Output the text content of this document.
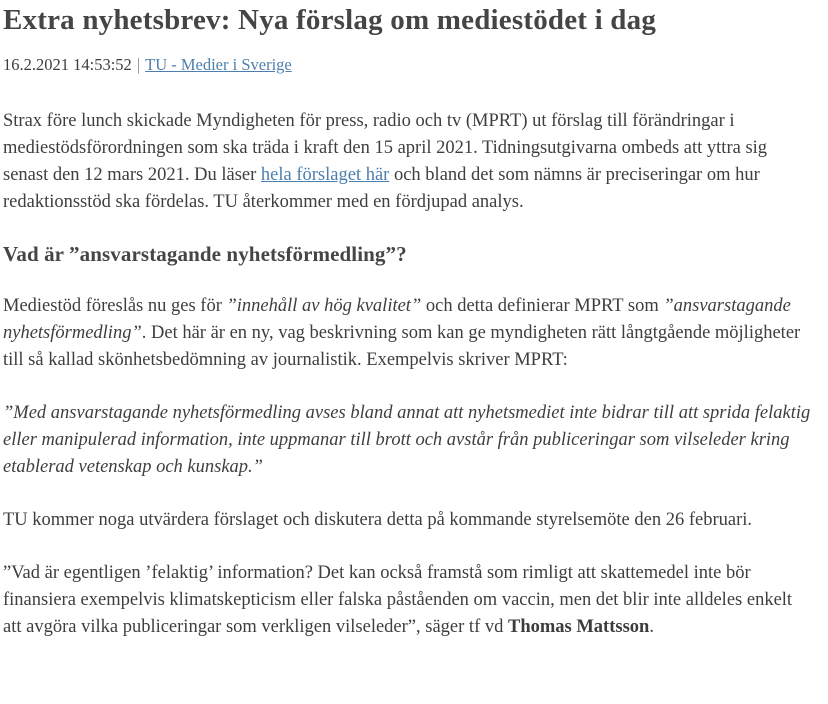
Extra nyhetsbrev: Nya förslag om mediestödet i dag
16.2.2021 14:53:52 | TU - Medier i Sverige

Strax före lunch skickade Myndigheten för press, radio och tv (MPRT) ut förslag till förändringar i mediestödsförordningen som ska träda i kraft den 15 april 2021. Tidningsutgivarna ombeds att yttra sig senast den 12 mars 2021. Du läser hela förslaget här och bland det som nämns är preciseringar om hur redaktionsstöd ska fördelas. TU återkommer med en fördjupad analys.

Vad är ”ansvarstagande nyhetsförmedling”?

Mediestöd föreslås nu ges för ”innehåll av hög kvalitet” och detta definierar MPRT som ”ansvarstagande nyhetsförmedling”. Det här är en ny, vag beskrivning som kan ge myndigheten rätt långtgående möjligheter till så kallad skönhetsbedömning av journalistik. Exempelvis skriver MPRT:

”Med ansvarstagande nyhetsförmedling avses bland annat att nyhetsmediet inte bidrar till att sprida felaktig eller manipulerad information, inte uppmanar till brott och avstår från publiceringar som vilseleder kring etablerad vetenskap och kunskap.”

TU kommer noga utvärdera förslaget och diskutera detta på kommande styrelsemöte den 26 februari.

”Vad är egentligen ’felaktig’ information? Det kan också framstå som rimligt att skattemedel inte bör finansiera exempelvis klimatskepticism eller falska påståenden om vaccin, men det blir inte alldeles enkelt att avgöra vilka publiceringar som verkligen vilseleder”, säger tf vd Thomas Mattsson.
